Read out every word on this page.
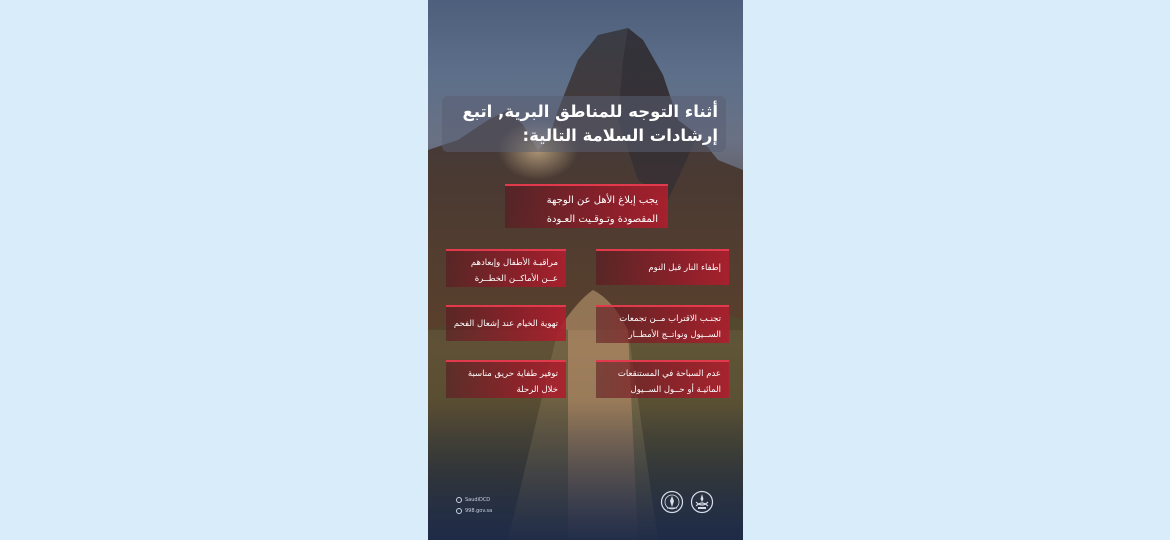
أثناء التوجه للمناطق البرية, اتبع
إرشادات السلامة التالية:
يجب إبلاغ الأهل عن الوجهة
المقصودة وتـوقـيت العـودة
مراقبـة الأطفال وإبعادهم
عــن الأماكــن الخطــرة
إطفاء النار قبل النوم
تهوية الخيام عند إشعال الفحم	تجنـب الاقتراب مــن تجمعات
الســيول ونواتــج الأمطــار
توفير طفاية حريق مناسبة
خلال الرحلة
عدم السباحة في المستنقعات
المائيـة أو حــول الســيول
SaudiDCD
998.gov.sa
